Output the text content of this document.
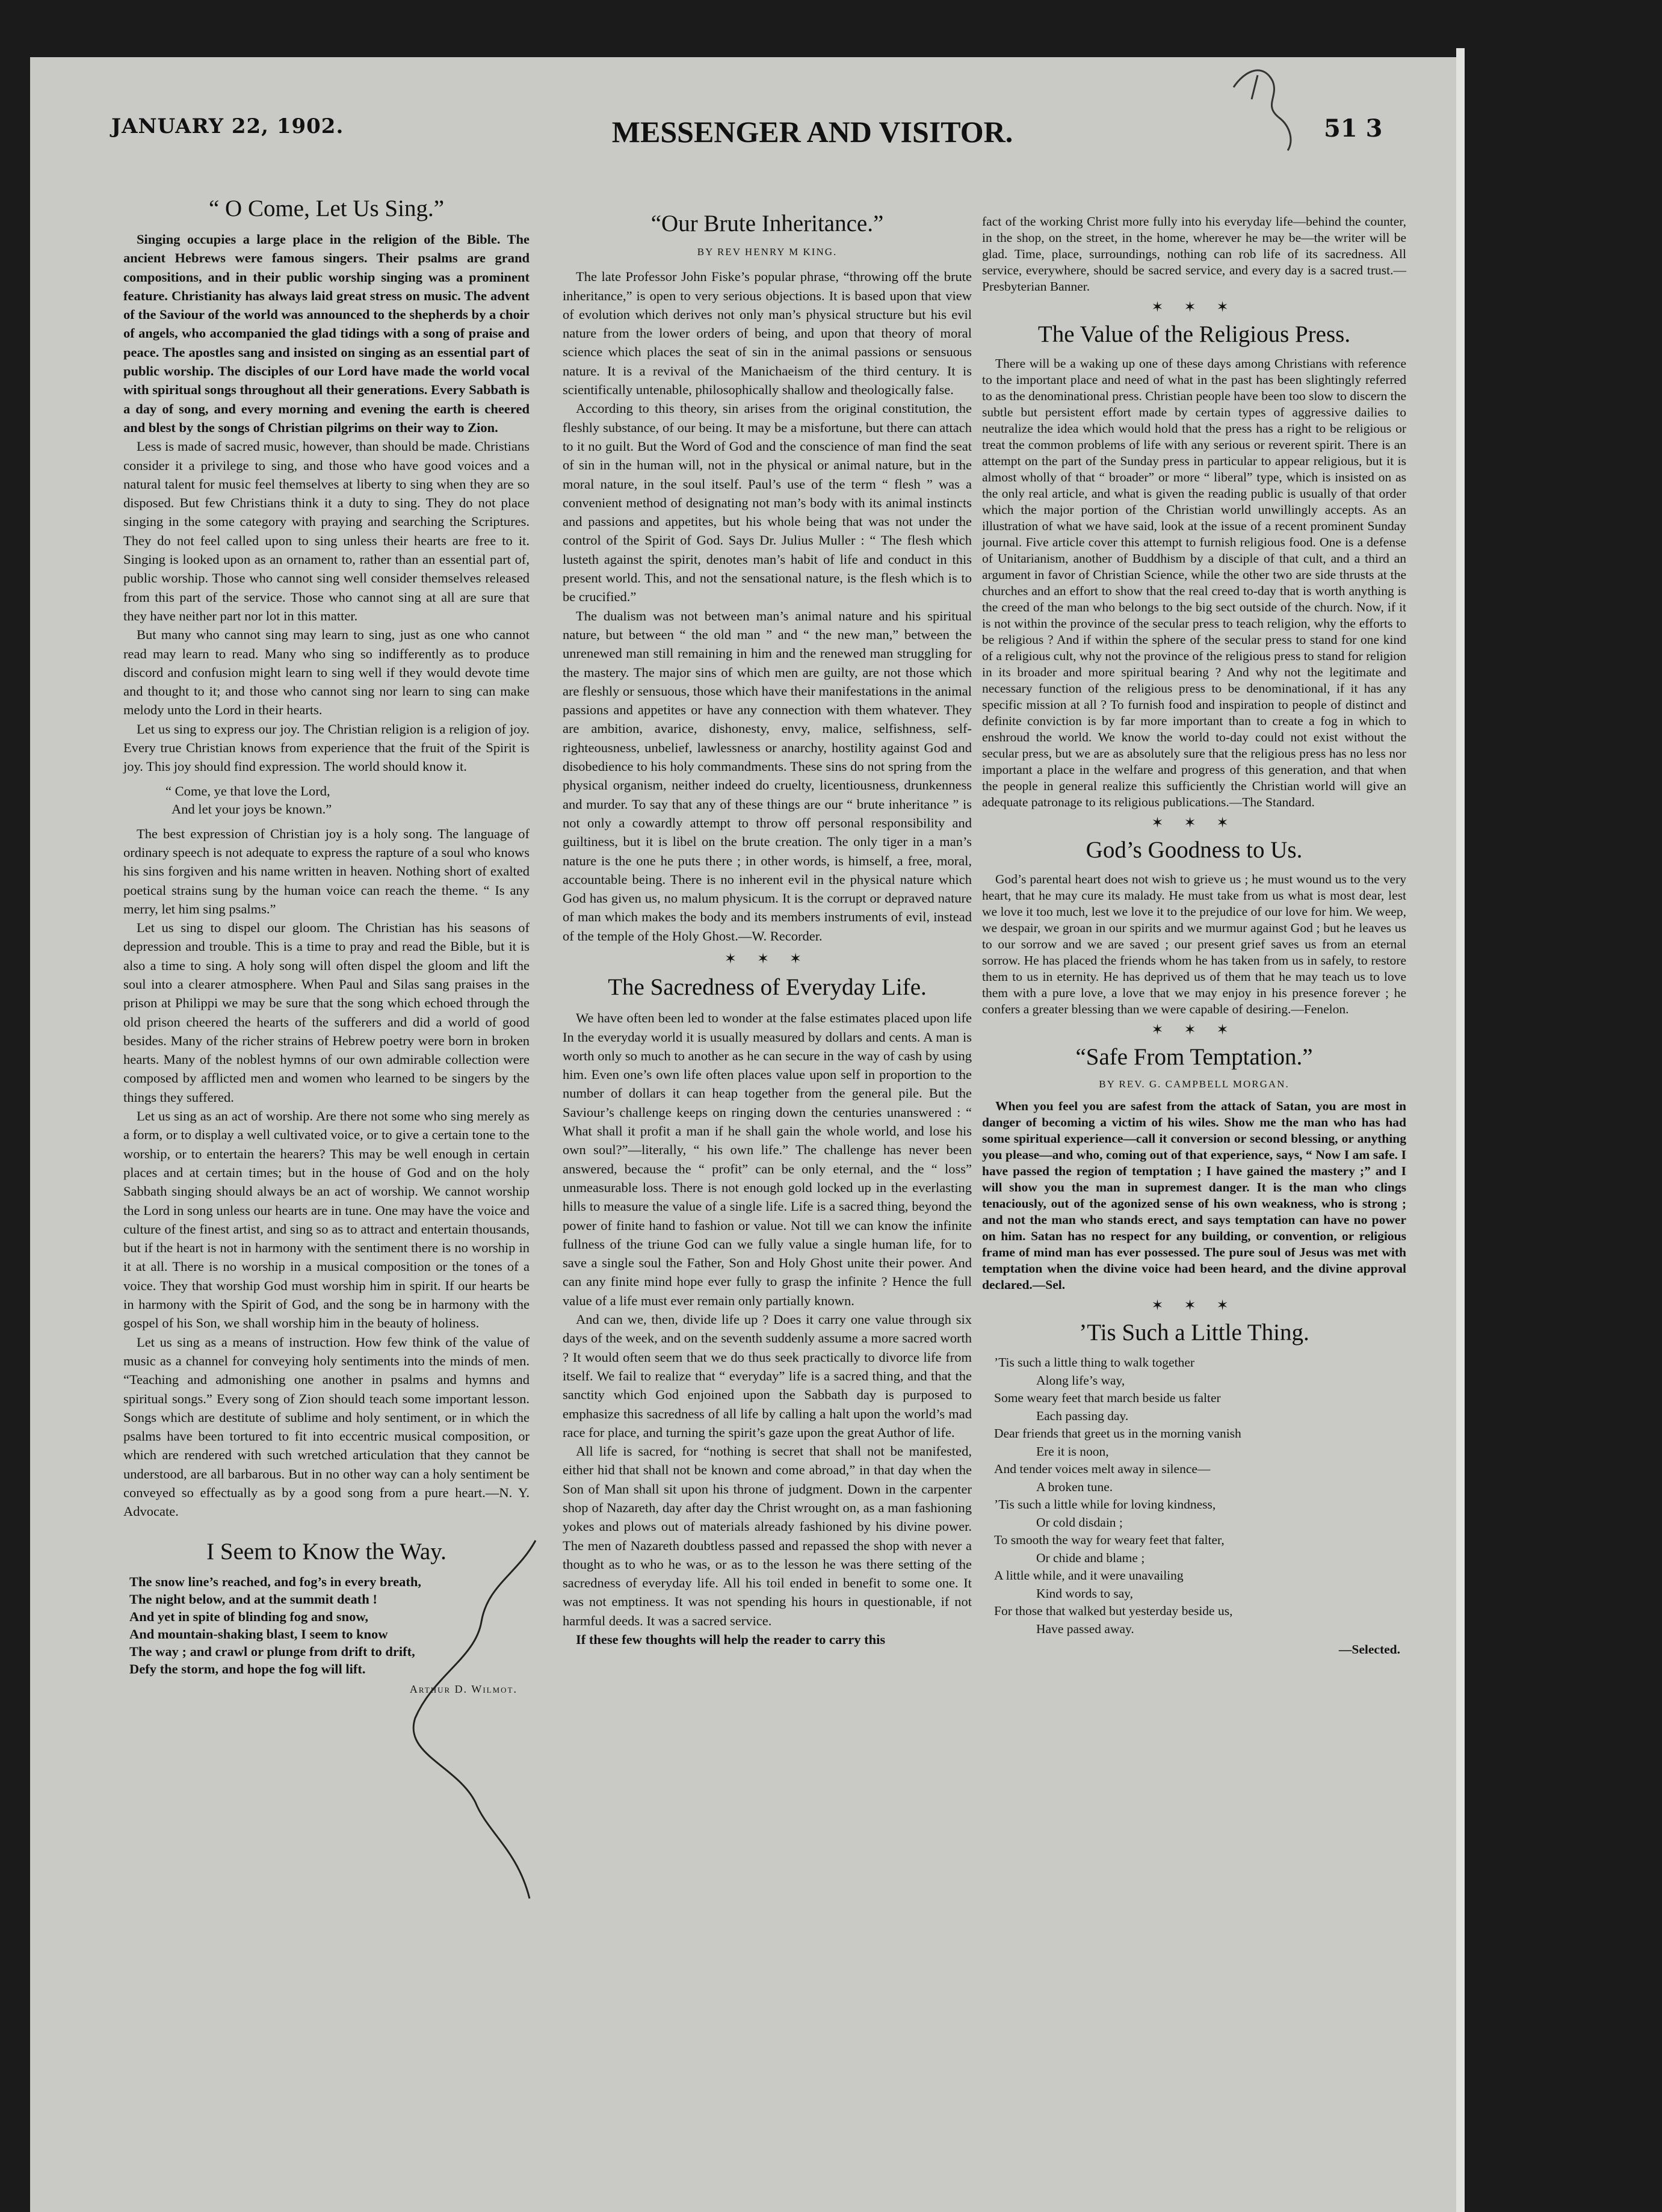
JANUARY 22, 1902.	MESSENGER AND VISITOR.	51 3
“ O Come, Let Us Sing.”

Singing occupies a large place in the religion of the Bible. The ancient Hebrews were famous singers. Their psalms are grand compositions, and in their public worship singing was a prominent feature. Christianity has always laid great stress on music. The advent of the Saviour of the world was announced to the shepherds by a choir of angels, who accompanied the glad tidings with a song of praise and peace. The apostles sang and insisted on singing as an essential part of public worship. The disciples of our Lord have made the world vocal with spiritual songs throughout all their generations. Every Sabbath is a day of song, and every morning and evening the earth is cheered and blest by the songs of Christian pilgrims on their way to Zion.

Less is made of sacred music, however, than should be made. Christians consider it a privilege to sing, and those who have good voices and a natural talent for music feel themselves at liberty to sing when they are so disposed. But few Christians think it a duty to sing. They do not place singing in the some category with praying and searching the Scriptures. They do not feel called upon to sing unless their hearts are free to it. Singing is looked upon as an ornament to, rather than an essential part of, public worship. Those who cannot sing well consider themselves released from this part of the service. Those who cannot sing at all are sure that they have neither part nor lot in this matter.

But many who cannot sing may learn to sing, just as one who cannot read may learn to read. Many who sing so indifferently as to produce discord and confusion might learn to sing well if they would devote time and thought to it; and those who cannot sing nor learn to sing can make melody unto the Lord in their hearts.

Let us sing to express our joy. The Christian religion is a religion of joy. Every true Christian knows from experience that the fruit of the Spirit is joy. This joy should find expression. The world should know it.

“ Come, ye that love the Lord,
And let your joys be known.”

The best expression of Christian joy is a holy song. The language of ordinary speech is not adequate to express the rapture of a soul who knows his sins forgiven and his name written in heaven. Nothing short of exalted poetical strains sung by the human voice can reach the theme. “ Is any merry, let him sing psalms.”

Let us sing to dispel our gloom. The Christian has his seasons of depression and trouble. This is a time to pray and read the Bible, but it is also a time to sing. A holy song will often dispel the gloom and lift the soul into a clearer atmosphere. When Paul and Silas sang praises in the prison at Philippi we may be sure that the song which echoed through the old prison cheered the hearts of the sufferers and did a world of good besides. Many of the richer strains of Hebrew poetry were born in broken hearts. Many of the noblest hymns of our own admirable collection were composed by afflicted men and women who learned to be singers by the things they suffered.

Let us sing as an act of worship. Are there not some who sing merely as a form, or to display a well cultivated voice, or to give a certain tone to the worship, or to entertain the hearers? This may be well enough in certain places and at certain times; but in the house of God and on the holy Sabbath singing should always be an act of worship. We cannot worship the Lord in song unless our hearts are in tune. One may have the voice and culture of the finest artist, and sing so as to attract and entertain thousands, but if the heart is not in harmony with the sentiment there is no worship in it at all. There is no worship in a musical composition or the tones of a voice. They that worship God must worship him in spirit. If our hearts be in harmony with the Spirit of God, and the song be in harmony with the gospel of his Son, we shall worship him in the beauty of holiness.

Let us sing as a means of instruction. How few think of the value of music as a channel for conveying holy sentiments into the minds of men. “Teaching and admonishing one another in psalms and hymns and spiritual songs.” Every song of Zion should teach some important lesson. Songs which are destitute of sublime and holy sentiment, or in which the psalms have been tortured to fit into eccentric musical composition, or which are rendered with such wretched articulation that they cannot be understood, are all barbarous. But in no other way can a holy sentiment be conveyed so effectually as by a good song from a pure heart.—N. Y. Advocate.

I Seem to Know the Way.
The snow line’s reached, and fog’s in every breath,
The night below, and at the summit death !
And yet in spite of blinding fog and snow,
And mountain-shaking blast, I seem to know
The way ; and crawl or plunge from drift to drift,
Defy the storm, and hope the fog will lift.
Arthur D. Wilmot.
“Our Brute Inheritance.”
BY REV HENRY M KING.

The late Professor John Fiske’s popular phrase, “throwing off the brute inheritance,” is open to very serious objections. It is based upon that view of evolution which derives not only man’s physical structure but his evil nature from the lower orders of being, and upon that theory of moral science which places the seat of sin in the animal passions or sensuous nature. It is a revival of the Manichaeism of the third century. It is scientifically untenable, philosophically shallow and theologically false.

According to this theory, sin arises from the original constitution, the fleshly substance, of our being. It may be a misfortune, but there can attach to it no guilt. But the Word of God and the conscience of man find the seat of sin in the human will, not in the physical or animal nature, but in the moral nature, in the soul itself. Paul’s use of the term “ flesh ” was a convenient method of designating not man’s body with its animal instincts and passions and appetites, but his whole being that was not under the control of the Spirit of God. Says Dr. Julius Muller : “ The flesh which lusteth against the spirit, denotes man’s habit of life and conduct in this present world. This, and not the sensational nature, is the flesh which is to be crucified.”

The dualism was not between man’s animal nature and his spiritual nature, but between “ the old man ” and “ the new man,” between the unrenewed man still remaining in him and the renewed man struggling for the mastery. The major sins of which men are guilty, are not those which are fleshly or sensuous, those which have their manifestations in the animal passions and appetites or have any connection with them whatever. They are ambition, avarice, dishonesty, envy, malice, selfishness, self-righteousness, unbelief, lawlessness or anarchy, hostility against God and disobedience to his holy commandments. These sins do not spring from the physical organism, neither indeed do cruelty, licentiousness, drunkenness and murder. To say that any of these things are our “ brute inheritance ” is not only a cowardly attempt to throw off personal responsibility and guiltiness, but it is libel on the brute creation. The only tiger in a man’s nature is the one he puts there ; in other words, is himself, a free, moral, accountable being. There is no inherent evil in the physical nature which God has given us, no malum physicum. It is the corrupt or depraved nature of man which makes the body and its members instruments of evil, instead of the temple of the Holy Ghost.—W. Recorder.

✶ ✶ ✶
The Sacredness of Everyday Life.

We have often been led to wonder at the false estimates placed upon life In the everyday world it is usually measured by dollars and cents. A man is worth only so much to another as he can secure in the way of cash by using him. Even one’s own life often places value upon self in proportion to the number of dollars it can heap together from the general pile. But the Saviour’s challenge keeps on ringing down the centuries unanswered : “ What shall it profit a man if he shall gain the whole world, and lose his own soul?”—literally, “ his own life.” The challenge has never been answered, because the “ profit” can be only eternal, and the “ loss” unmeasurable loss. There is not enough gold locked up in the everlasting hills to measure the value of a single life. Life is a sacred thing, beyond the power of finite hand to fashion or value. Not till we can know the infinite fullness of the triune God can we fully value a single human life, for to save a single soul the Father, Son and Holy Ghost unite their power. And can any finite mind hope ever fully to grasp the infinite ? Hence the full value of a life must ever remain only partially known.

And can we, then, divide life up ? Does it carry one value through six days of the week, and on the seventh suddenly assume a more sacred worth ? It would often seem that we do thus seek practically to divorce life from itself. We fail to realize that “ everyday” life is a sacred thing, and that the sanctity which God enjoined upon the Sabbath day is purposed to emphasize this sacredness of all life by calling a halt upon the world’s mad race for place, and turning the spirit’s gaze upon the great Author of life.

All life is sacred, for “nothing is secret that shall not be manifested, either hid that shall not be known and come abroad,” in that day when the Son of Man shall sit upon his throne of judgment. Down in the carpenter shop of Nazareth, day after day the Christ wrought on, as a man fashioning yokes and plows out of materials already fashioned by his divine power. The men of Nazareth doubtless passed and repassed the shop with never a thought as to who he was, or as to the lesson he was there setting of the sacredness of everyday life. All his toil ended in benefit to some one. It was not emptiness. It was not spending his hours in questionable, if not harmful deeds. It was a sacred service.

If these few thoughts will help the reader to carry this

fact of the working Christ more fully into his everyday life—behind the counter, in the shop, on the street, in the home, wherever he may be—the writer will be glad. Time, place, surroundings, nothing can rob life of its sacredness. All service, everywhere, should be sacred service, and every day is a sacred trust.—Presbyterian Banner.

✶ ✶ ✶
The Value of the Religious Press.

There will be a waking up one of these days among Christians with reference to the important place and need of what in the past has been slightingly referred to as the denominational press. Christian people have been too slow to discern the subtle but persistent effort made by certain types of aggressive dailies to neutralize the idea which would hold that the press has a right to be religious or treat the common problems of life with any serious or reverent spirit. There is an attempt on the part of the Sunday press in particular to appear religious, but it is almost wholly of that “ broader” or more “ liberal” type, which is insisted on as the only real article, and what is given the reading public is usually of that order which the major portion of the Christian world unwillingly accepts. As an illustration of what we have said, look at the issue of a recent prominent Sunday journal. Five article cover this attempt to furnish religious food. One is a defense of Unitarianism, another of Buddhism by a disciple of that cult, and a third an argument in favor of Christian Science, while the other two are side thrusts at the churches and an effort to show that the real creed to-day that is worth anything is the creed of the man who belongs to the big sect outside of the church. Now, if it is not within the province of the secular press to teach religion, why the efforts to be religious ? And if within the sphere of the secular press to stand for one kind of a religious cult, why not the province of the religious press to stand for religion in its broader and more spiritual bearing ? And why not the legitimate and necessary function of the religious press to be denominational, if it has any specific mission at all ? To furnish food and inspiration to people of distinct and definite conviction is by far more important than to create a fog in which to enshroud the world. We know the world to-day could not exist without the secular press, but we are as absolutely sure that the religious press has no less nor important a place in the welfare and progress of this generation, and that when the people in general realize this sufficiently the Christian world will give an adequate patronage to its religious publications.—The Standard.

✶ ✶ ✶
God’s Goodness to Us.

God’s parental heart does not wish to grieve us ; he must wound us to the very heart, that he may cure its malady. He must take from us what is most dear, lest we love it too much, lest we love it to the prejudice of our love for him. We weep, we despair, we groan in our spirits and we murmur against God ; but he leaves us to our sorrow and we are saved ; our present grief saves us from an eternal sorrow. He has placed the friends whom he has taken from us in safely, to restore them to us in eternity. He has deprived us of them that he may teach us to love them with a pure love, a love that we may enjoy in his presence forever ; he confers a greater blessing than we were capable of desiring.—Fenelon.

✶ ✶ ✶
“Safe From Temptation.”
BY REV. G. CAMPBELL MORGAN.

When you feel you are safest from the attack of Satan, you are most in danger of becoming a victim of his wiles. Show me the man who has had some spiritual experience—call it conversion or second blessing, or anything you please—and who, coming out of that experience, says, “ Now I am safe. I have passed the region of temptation ; I have gained the mastery ;” and I will show you the man in supremest danger. It is the man who clings tenaciously, out of the agonized sense of his own weakness, who is strong ; and not the man who stands erect, and says temptation can have no power on him. Satan has no respect for any building, or convention, or religious frame of mind man has ever possessed. The pure soul of Jesus was met with temptation when the divine voice had been heard, and the divine approval declared.—Sel.

✶ ✶ ✶
’Tis Such a Little Thing.
’Tis such a little thing to walk together
Along life’s way,
Some weary feet that march beside us falter
Each passing day.
Dear friends that greet us in the morning vanish
Ere it is noon,
And tender voices melt away in silence—
A broken tune.
’Tis such a little while for loving kindness,
Or cold disdain ;
To smooth the way for weary feet that falter,
Or chide and blame ;
A little while, and it were unavailing
Kind words to say,
For those that walked but yesterday beside us,
Have passed away.
—Selected.
